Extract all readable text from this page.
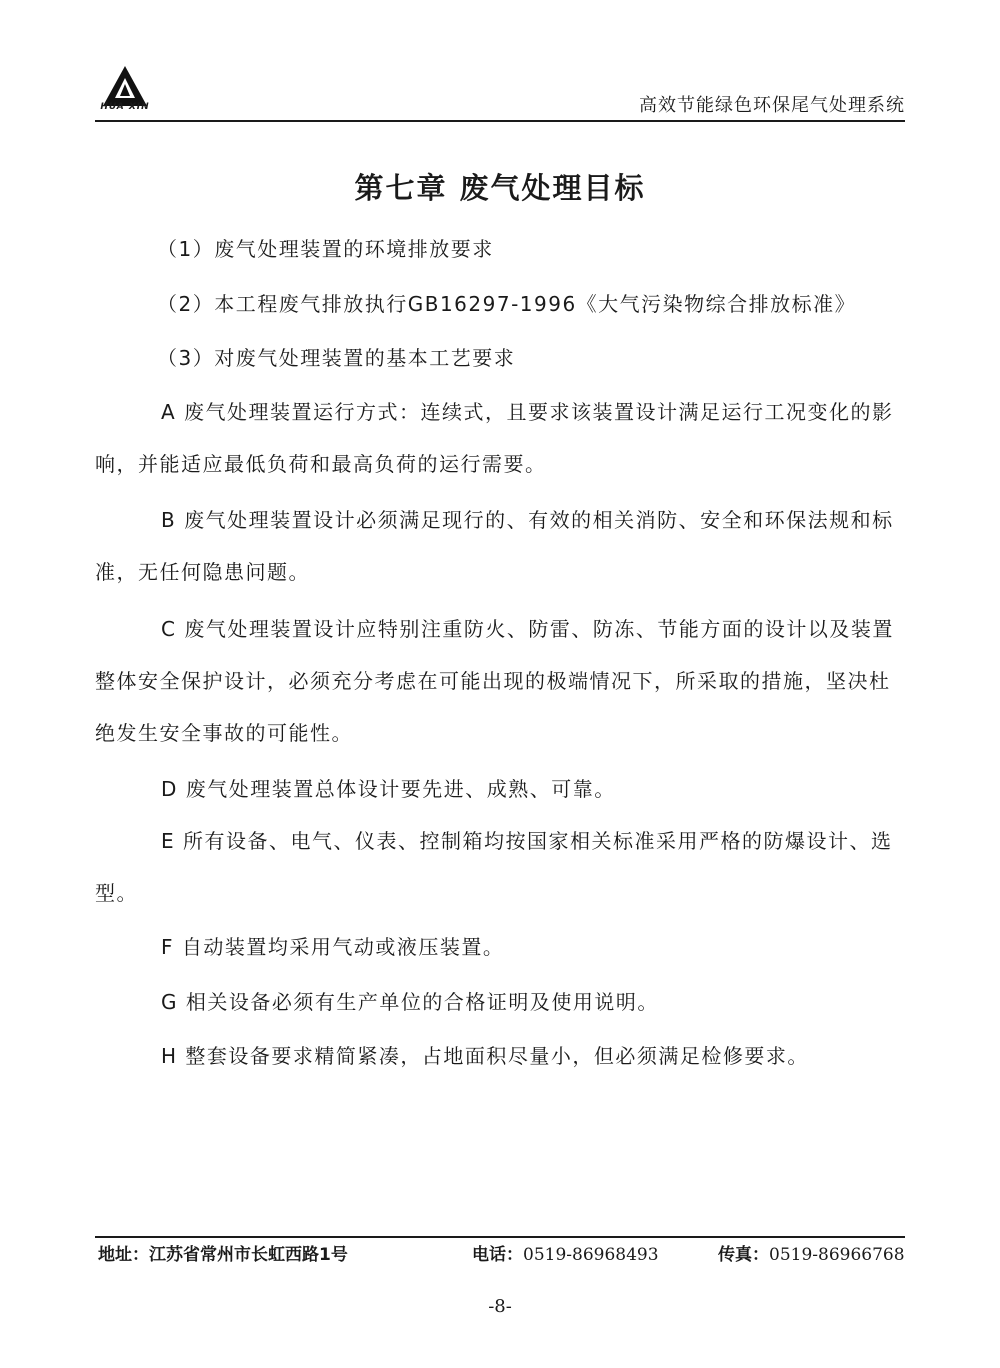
HUA XIN	高效节能绿色环保尾气处理系统
第七章 废气处理目标
（1）废气处理装置的环境排放要求
（2）本工程废气排放执行GB16297-1996《大气污染物综合排放标准》
（3）对废气处理装置的基本工艺要求
A 废气处理装置运行方式：连续式，且要求该装置设计满足运行工况变化的影响，并能适应最低负荷和最高负荷的运行需要。
B 废气处理装置设计必须满足现行的、有效的相关消防、安全和环保法规和标准，无任何隐患问题。
C 废气处理装置设计应特别注重防火、防雷、防冻、节能方面的设计以及装置整体安全保护设计，必须充分考虑在可能出现的极端情况下，所采取的措施，坚决杜绝发生安全事故的可能性。
D 废气处理装置总体设计要先进、成熟、可靠。
E 所有设备、电气、仪表、控制箱均按国家相关标准采用严格的防爆设计、选型。
F 自动装置均采用气动或液压装置。
G 相关设备必须有生产单位的合格证明及使用说明。
H 整套设备要求精简紧凑，占地面积尽量小，但必须满足检修要求。
地址：江苏省常州市长虹西路1号	电话：0519-86968493	传真：0519-86966768
-8-
